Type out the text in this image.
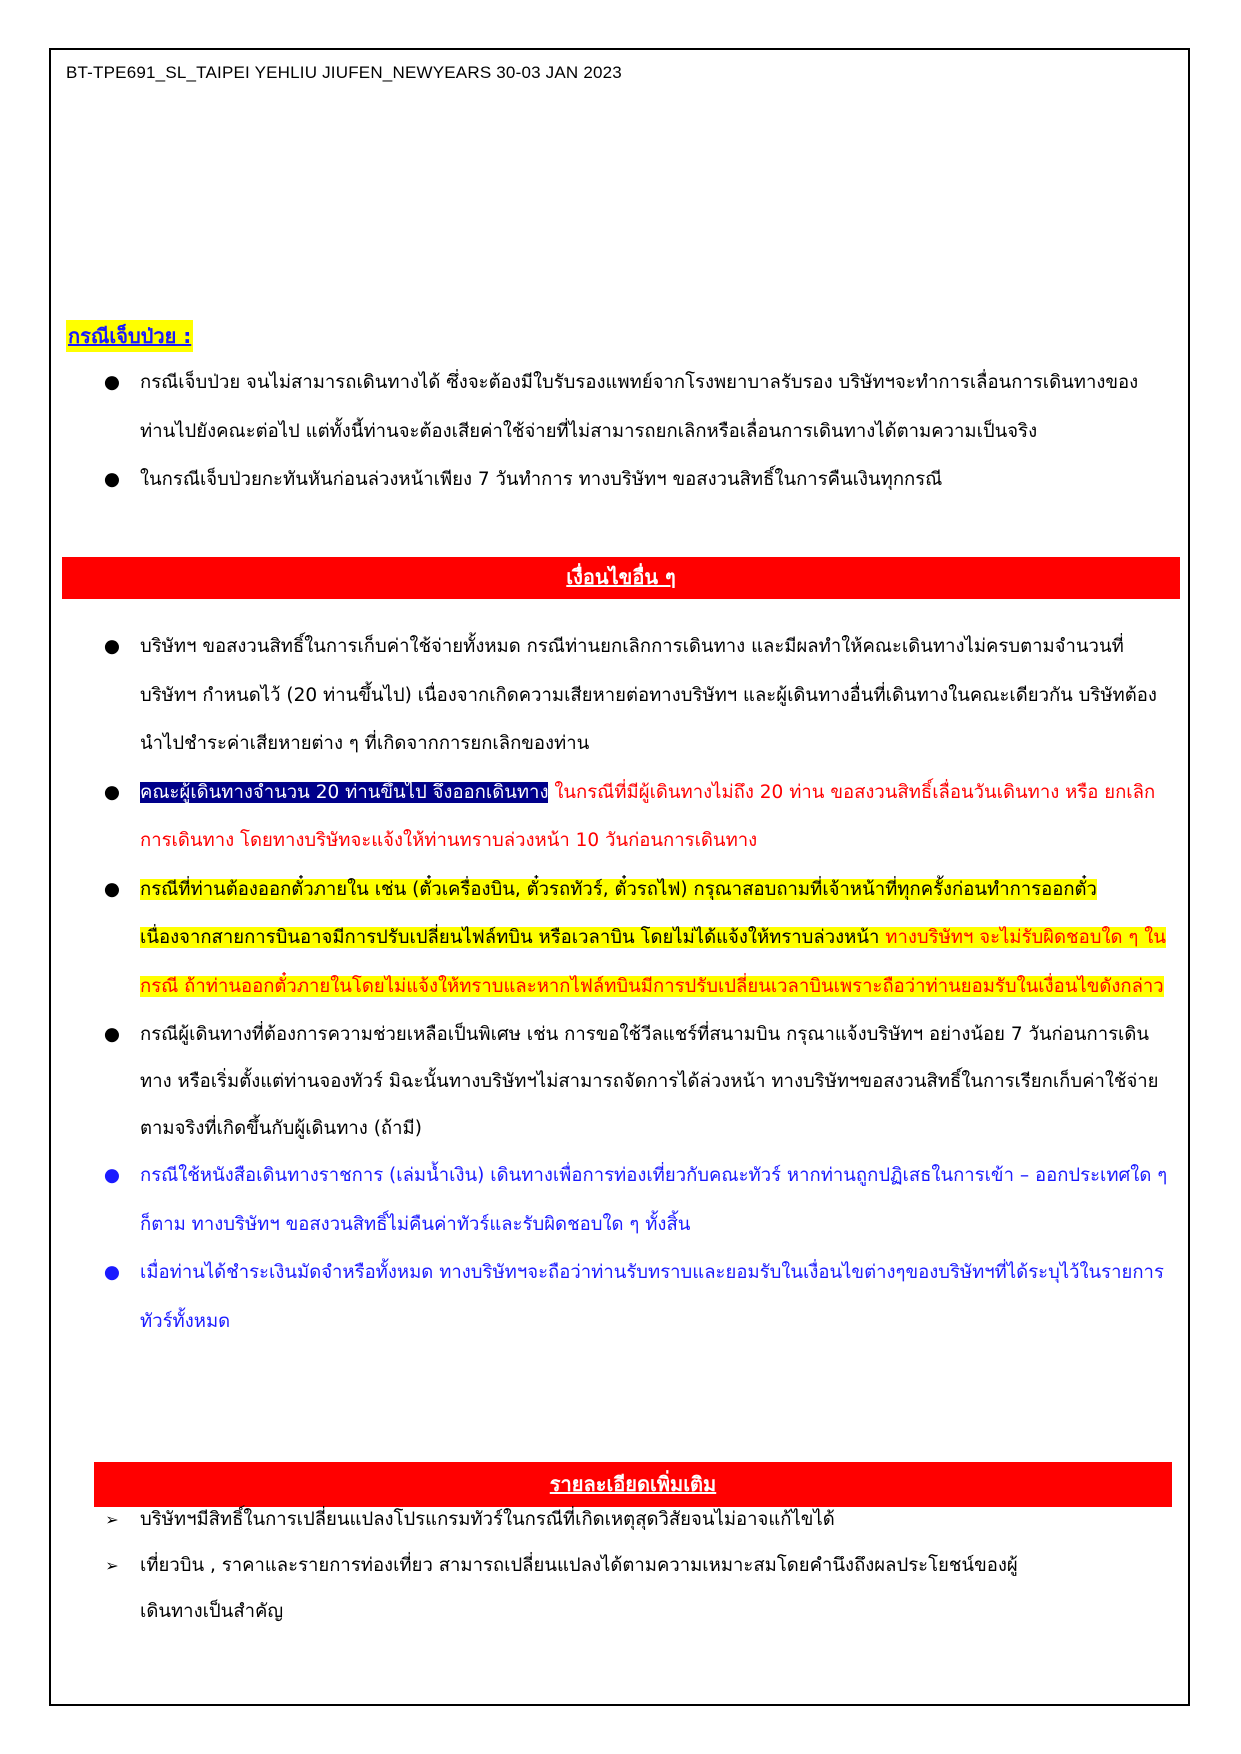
BT-TPE691_SL_TAIPEI YEHLIU JIUFEN_NEWYEARS 30-03 JAN 2023
กรณีเจ็บป่วย :
● กรณีเจ็บป่วย จนไม่สามารถเดินทางได้ ซึ่งจะต้องมีใบรับรองแพทย์จากโรงพยาบาลรับรอง บริษัทฯจะทำการเลื่อนการเดินทางของท่านไปยังคณะต่อไป แต่ทั้งนี้ท่านจะต้องเสียค่าใช้จ่ายที่ไม่สามารถยกเลิกหรือเลื่อนการเดินทางได้ตามความเป็นจริง
● ในกรณีเจ็บป่วยกะทันหันก่อนล่วงหน้าเพียง 7 วันทำการ ทางบริษัทฯ ขอสงวนสิทธิ์ในการคืนเงินทุกกรณี
เงื่อนไขอื่น ๆ
● บริษัทฯ ขอสงวนสิทธิ์ในการเก็บค่าใช้จ่ายทั้งหมด กรณีท่านยกเลิกการเดินทาง และมีผลทำให้คณะเดินทางไม่ครบตามจำนวนที่บริษัทฯ กำหนดไว้ (20 ท่านขึ้นไป) เนื่องจากเกิดความเสียหายต่อทางบริษัทฯ และผู้เดินทางอื่นที่เดินทางในคณะเดียวกัน บริษัทต้องนำไปชำระค่าเสียหายต่าง ๆ ที่เกิดจากการยกเลิกของท่าน
● คณะผู้เดินทางจำนวน 20 ท่านขึ้นไป จึงออกเดินทาง ในกรณีที่มีผู้เดินทางไม่ถึง 20 ท่าน ขอสงวนสิทธิ์เลื่อนวันเดินทาง หรือ ยกเลิกการเดินทาง โดยทางบริษัทจะแจ้งให้ท่านทราบล่วงหน้า 10 วันก่อนการเดินทาง
● กรณีที่ท่านต้องออกตั๋วภายใน เช่น (ตั๋วเครื่องบิน, ตั๋วรถทัวร์, ตั๋วรถไฟ) กรุณาสอบถามที่เจ้าหน้าที่ทุกครั้งก่อนทำการออกตั๋ว เนื่องจากสายการบินอาจมีการปรับเปลี่ยนไฟล์ทบิน หรือเวลาบิน โดยไม่ได้แจ้งให้ทราบล่วงหน้า ทางบริษัทฯ จะไม่รับผิดชอบใด ๆ ในกรณี ถ้าท่านออกตั๋วภายในโดยไม่แจ้งให้ทราบและหากไฟล์ทบินมีการปรับเปลี่ยนเวลาบินเพราะถือว่าท่านยอมรับในเงื่อนไขดังกล่าว
● กรณีผู้เดินทางที่ต้องการความช่วยเหลือเป็นพิเศษ เช่น การขอใช้วีลแชร์ที่สนามบิน กรุณาแจ้งบริษัทฯ อย่างน้อย 7 วันก่อนการเดินทาง หรือเริ่มตั้งแต่ท่านจองทัวร์ มิฉะนั้นทางบริษัทฯไม่สามารถจัดการได้ล่วงหน้า ทางบริษัทฯขอสงวนสิทธิ์ในการเรียกเก็บค่าใช้จ่ายตามจริงที่เกิดขึ้นกับผู้เดินทาง (ถ้ามี)
● กรณีใช้หนังสือเดินทางราชการ (เล่มน้ำเงิน) เดินทางเพื่อการท่องเที่ยวกับคณะทัวร์ หากท่านถูกปฏิเสธในการเข้า – ออกประเทศใด ๆ ก็ตาม ทางบริษัทฯ ขอสงวนสิทธิ์ไม่คืนค่าทัวร์และรับผิดชอบใด ๆ ทั้งสิ้น
● เมื่อท่านได้ชำระเงินมัดจำหรือทั้งหมด ทางบริษัทฯจะถือว่าท่านรับทราบและยอมรับในเงื่อนไขต่างๆของบริษัทฯที่ได้ระบุไว้ในรายการทัวร์ทั้งหมด
รายละเอียดเพิ่มเติม
➢ บริษัทฯมีสิทธิ์ในการเปลี่ยนแปลงโปรแกรมทัวร์ในกรณีที่เกิดเหตุสุดวิสัยจนไม่อาจแก้ไขได้
➢ เที่ยวบิน , ราคาและรายการท่องเที่ยว สามารถเปลี่ยนแปลงได้ตามความเหมาะสมโดยคำนึงถึงผลประโยชน์ของผู้เดินทางเป็นสำคัญ
